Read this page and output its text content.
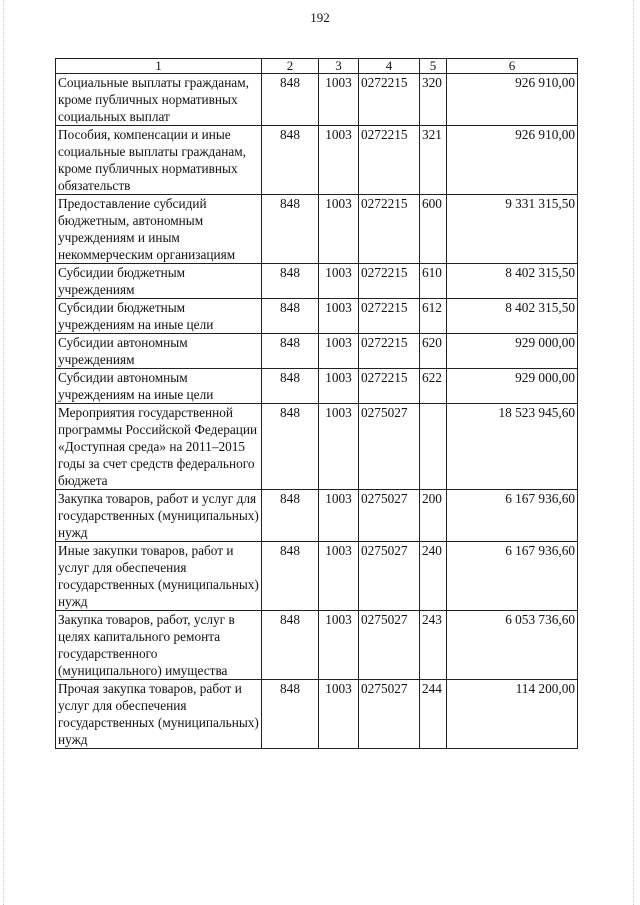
192
1	2	3	4	5	6
Социальные выплаты гражданам, кроме публичных нормативных социальных выплат	848	1003	0272215	320	926 910,00
Пособия, компенсации и иные социальные выплаты гражданам, кроме публичных нормативных обязательств	848	1003	0272215	321	926 910,00
Предоставление субсидий бюджетным, автономным учреждениям и иным некоммерческим организациям	848	1003	0272215	600	9 331 315,50
Субсидии бюджетным учреждениям	848	1003	0272215	610	8 402 315,50
Субсидии бюджетным учреждениям на иные цели	848	1003	0272215	612	8 402 315,50
Субсидии автономным учреждениям	848	1003	0272215	620	929 000,00
Субсидии автономным учреждениям на иные цели	848	1003	0272215	622	929 000,00
Мероприятия государственной программы Российской Федерации «Доступная среда» на 2011–2015 годы за счет средств федерального бюджета	848	1003	0275027		18 523 945,60
Закупка товаров, работ и услуг для государственных (муниципальных) нужд	848	1003	0275027	200	6 167 936,60
Иные закупки товаров, работ и услуг для обеспечения государственных (муниципальных) нужд	848	1003	0275027	240	6 167 936,60
Закупка товаров, работ, услуг в целях капитального ремонта государственного (муниципального) имущества	848	1003	0275027	243	6 053 736,60
Прочая закупка товаров, работ и услуг для обеспечения государственных (муниципальных) нужд	848	1003	0275027	244	114 200,00
